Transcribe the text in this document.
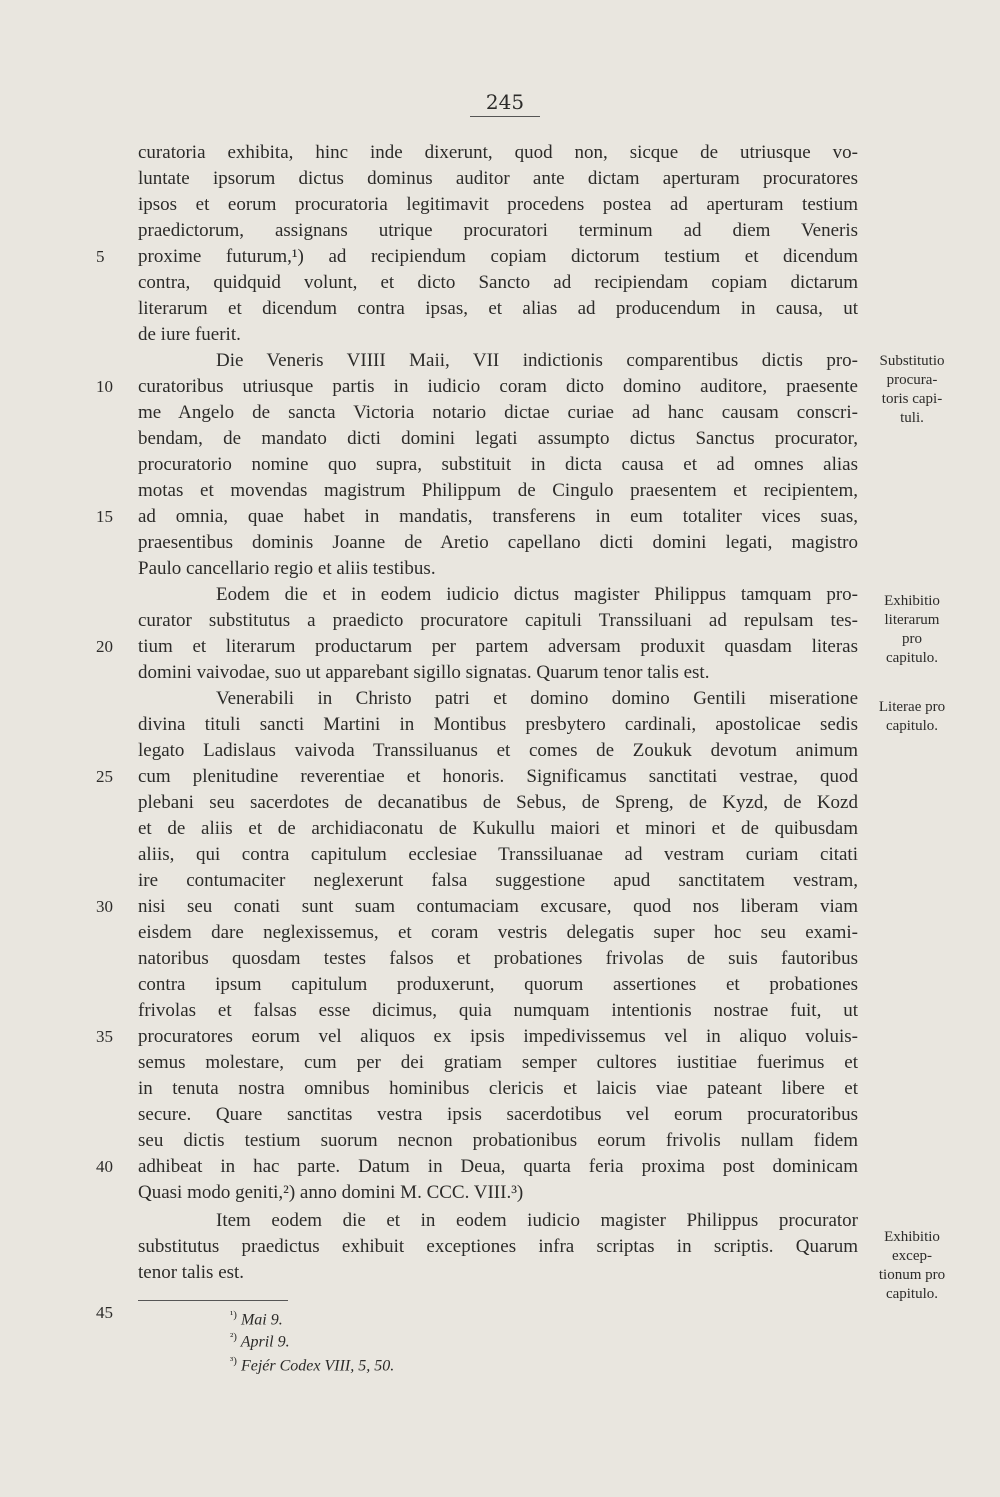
245
curatoria exhibita, hinc inde dixerunt, quod non, sicque de utriusque vo-
luntate ipsorum dictus dominus auditor ante dictam aperturam procuratores
ipsos et eorum procuratoria legitimavit procedens postea ad aperturam testium
praedictorum, assignans utrique procuratori terminum ad diem Veneris
proxime futurum,¹) ad recipiendum copiam dictorum testium et dicendum
contra, quidquid volunt, et dicto Sancto ad recipiendam copiam dictarum
literarum et dicendum contra ipsas, et alias ad producendum in causa, ut
de iure fuerit.
Die Veneris VIIII Maii, VII indictionis comparentibus dictis pro-
curatoribus utriusque partis in iudicio coram dicto domino auditore, praesente
me Angelo de sancta Victoria notario dictae curiae ad hanc causam conscri-
bendam, de mandato dicti domini legati assumpto dictus Sanctus procurator,
procuratorio nomine quo supra, substituit in dicta causa et ad omnes alias
motas et movendas magistrum Philippum de Cingulo praesentem et recipientem,
ad omnia, quae habet in mandatis, transferens in eum totaliter vices suas,
praesentibus dominis Joanne de Aretio capellano dicti domini legati, magistro
Paulo cancellario regio et aliis testibus.
Eodem die et in eodem iudicio dictus magister Philippus tamquam pro-
curator substitutus a praedicto procuratore capituli Transsiluani ad repulsam tes-
tium et literarum productarum per partem adversam produxit quasdam literas
domini vaivodae, suo ut apparebant sigillo signatas. Quarum tenor talis est.
Venerabili in Christo patri et domino domino Gentili miseratione
divina tituli sancti Martini in Montibus presbytero cardinali, apostolicae sedis
legato Ladislaus vaivoda Transsiluanus et comes de Zoukuk devotum animum
cum plenitudine reverentiae et honoris. Significamus sanctitati vestrae, quod
plebani seu sacerdotes de decanatibus de Sebus, de Spreng, de Kyzd, de Kozd
et de aliis et de archidiaconatu de Kukullu maiori et minori et de quibusdam
aliis, qui contra capitulum ecclesiae Transsiluanae ad vestram curiam citati
ire contumaciter neglexerunt falsa suggestione apud sanctitatem vestram,
nisi seu conati sunt suam contumaciam excusare, quod nos liberam viam
eisdem dare neglexissemus, et coram vestris delegatis super hoc seu exami-
natoribus quosdam testes falsos et probationes frivolas de suis fautoribus
contra ipsum capitulum produxerunt, quorum assertiones et probationes
frivolas et falsas esse dicimus, quia numquam intentionis nostrae fuit, ut
procuratores eorum vel aliquos ex ipsis impedivissemus vel in aliquo voluis-
semus molestare, cum per dei gratiam semper cultores iustitiae fuerimus et
in tenuta nostra omnibus hominibus clericis et laicis viae pateant libere et
secure. Quare sanctitas vestra ipsis sacerdotibus vel eorum procuratoribus
seu dictis testium suorum necnon probationibus eorum frivolis nullam fidem
adhibeat in hac parte. Datum in Deua, quarta feria proxima post dominicam
Quasi modo geniti,²) anno domini M. CCC. VIII.³)
Item eodem die et in eodem iudicio magister Philippus procurator
substitutus praedictus exhibuit exceptiones infra scriptas in scriptis. Quarum
tenor talis est.
5
10
15
20
25
30
35
40
45
Substitutio
procura-
toris capi-
tuli.
Exhibitio
literarum
pro
capitulo.
Literae pro
capitulo.
Exhibitio
excep-
tionum pro
capitulo.
$^{^1)}$ Mai 9.
$^{^2)}$ April 9.
$^{^3)}$ Fejér Codex VIII, 5, 50.
